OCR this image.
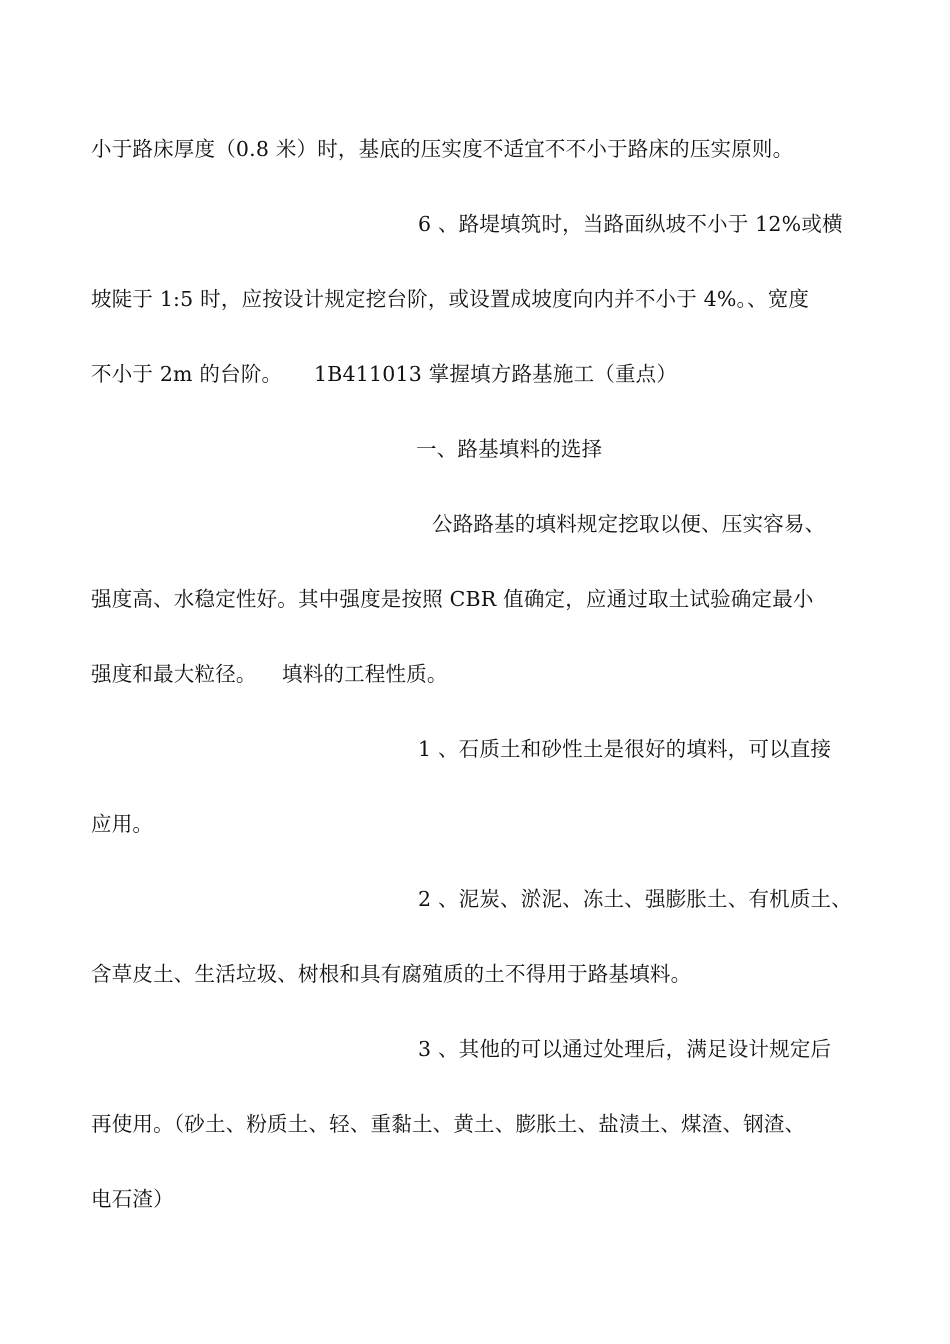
小于路床厚度（0.8 米）时，基底的压实度不适宜不不小于路床的压实原则。
6 、路堤填筑时，当路面纵坡不小于 12%或横
坡陡于 1:5 时，应按设计规定挖台阶，或设置成坡度向内并不小于 4%。、宽度
不小于 2m 的台阶。 1B411013 掌握填方路基施工（重点）
一、路基填料的选择
公路路基的填料规定挖取以便、压实容易、
强度高、水稳定性好。其中强度是按照 CBR 值确定，应通过取土试验确定最小
强度和最大粒径。 填料的工程性质。
1 、石质土和砂性土是很好的填料，可以直接
应用。
2 、泥炭、淤泥、冻土、强膨胀土、有机质土、
含草皮土、生活垃圾、树根和具有腐殖质的土不得用于路基填料。
3 、其他的可以通过处理后，满足设计规定后
再使用。（砂土、粉质土、轻、重黏土、黄土、膨胀土、盐渍土、煤渣、钢渣、
电石渣）
